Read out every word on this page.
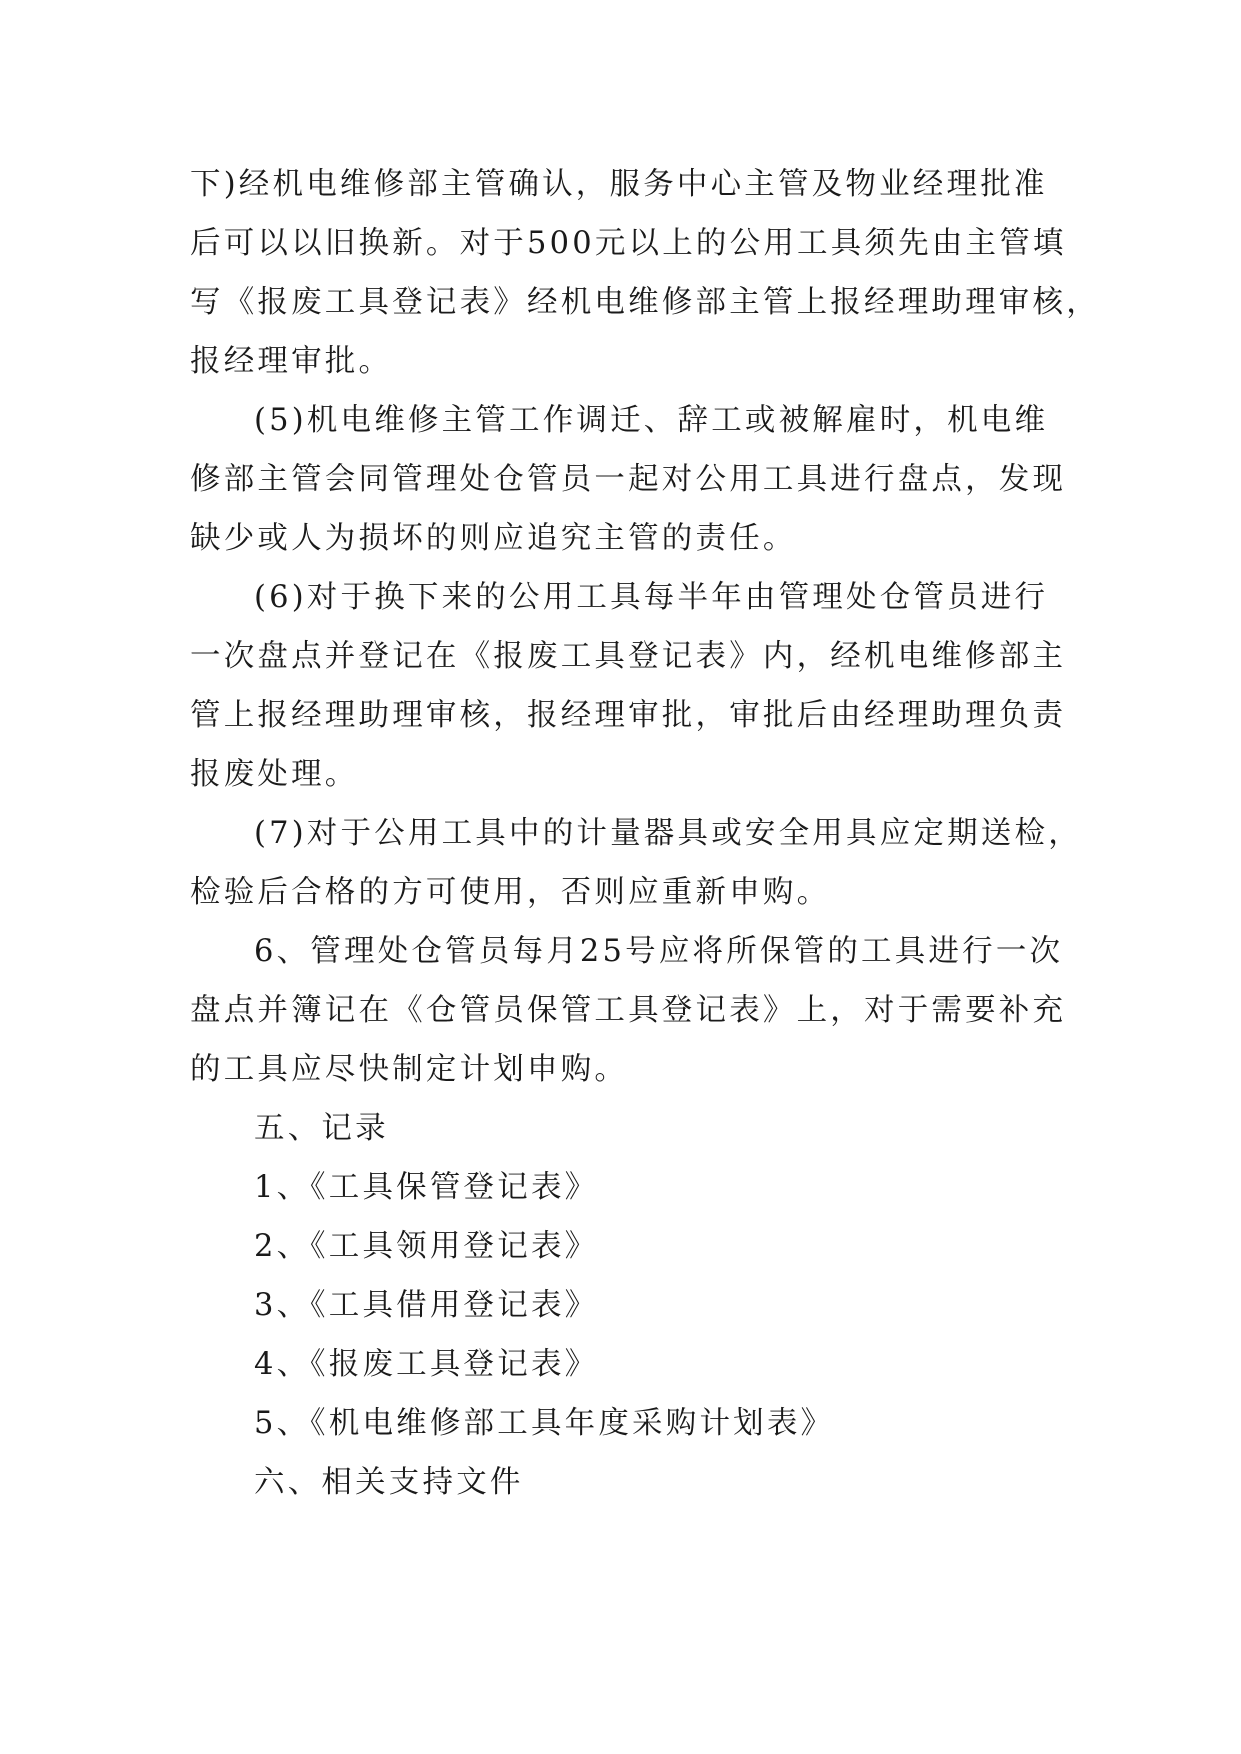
下)经机电维修部主管确认，服务中心主管及物业经理批准
后可以以旧换新。对于500元以上的公用工具须先由主管填
写《报废工具登记表》经机电维修部主管上报经理助理审核，
报经理审批。
(5)机电维修主管工作调迁、辞工或被解雇时，机电维
修部主管会同管理处仓管员一起对公用工具进行盘点，发现
缺少或人为损坏的则应追究主管的责任。
(6)对于换下来的公用工具每半年由管理处仓管员进行
一次盘点并登记在《报废工具登记表》内，经机电维修部主
管上报经理助理审核，报经理审批，审批后由经理助理负责
报废处理。
(7)对于公用工具中的计量器具或安全用具应定期送检，
检验后合格的方可使用，否则应重新申购。
6、管理处仓管员每月25号应将所保管的工具进行一次
盘点并簿记在《仓管员保管工具登记表》上，对于需要补充
的工具应尽快制定计划申购。
五、记录
1、《工具保管登记表》
2、《工具领用登记表》
3、《工具借用登记表》
4、《报废工具登记表》
5、《机电维修部工具年度采购计划表》
六、相关支持文件
